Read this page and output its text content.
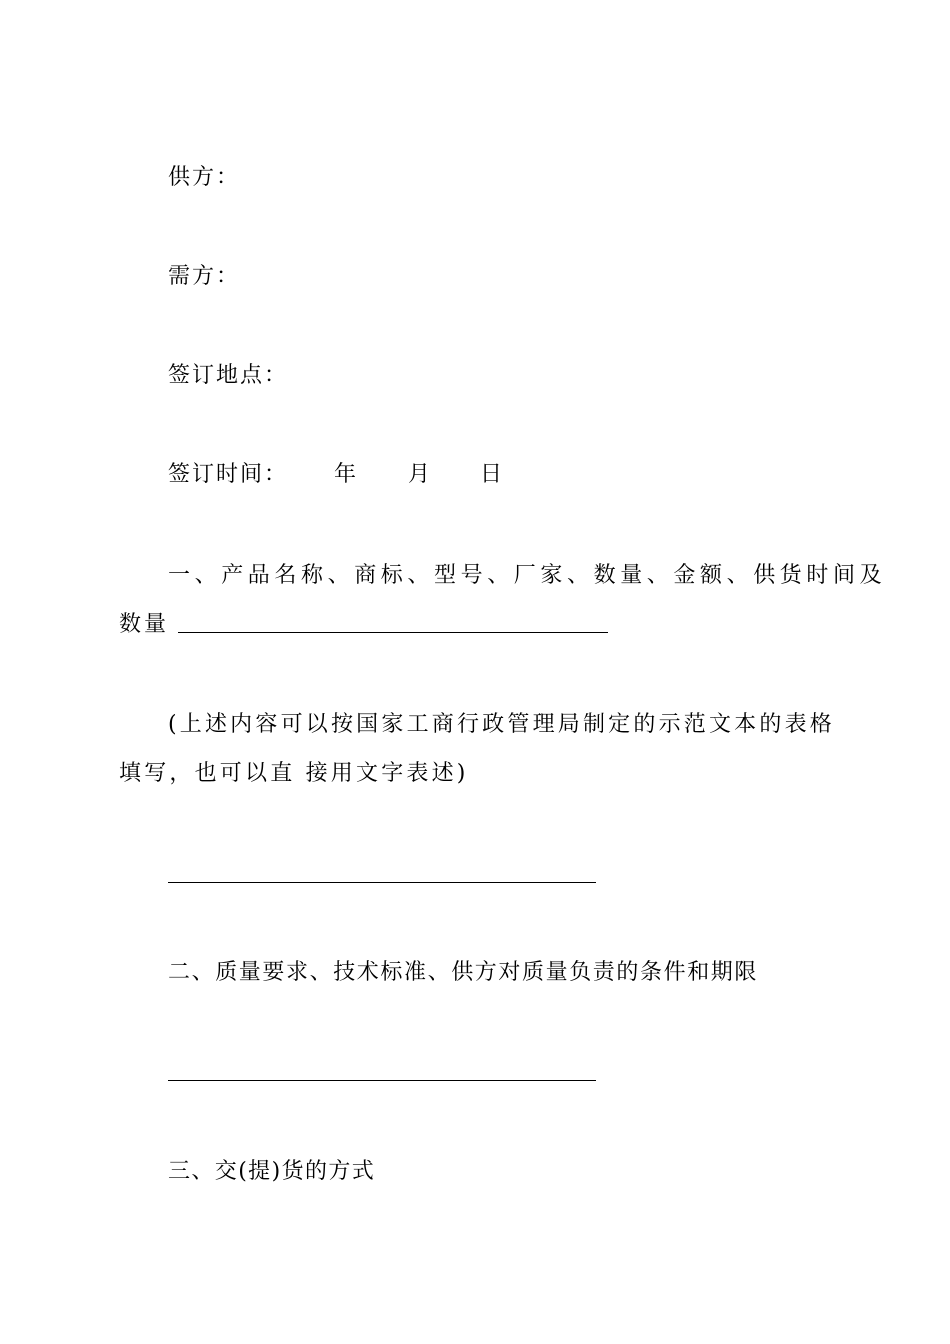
供方：
需方：
签订地点：
签订时间： 年 月 日
一、产品名称、商标、型号、厂家、数量、金额、供货时间及
数量
(上述内容可以按国家工商行政管理局制定的示范文本的表格填写，也可以直 接用文字表述)
二、质量要求、技术标准、供方对质量负责的条件和期限
三、交(提)货的方式
